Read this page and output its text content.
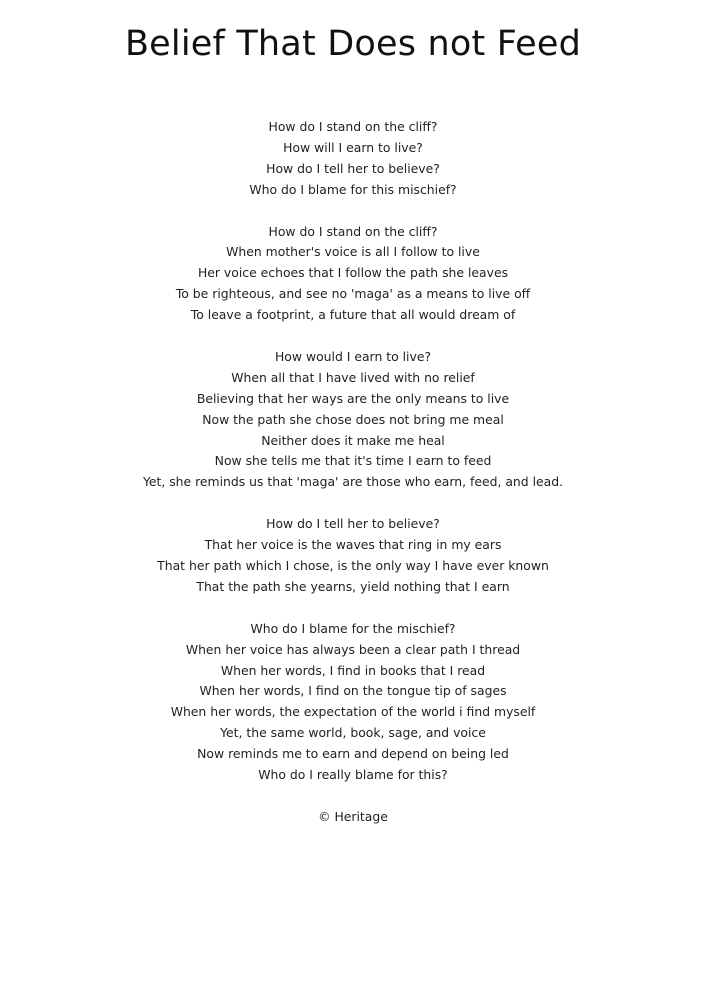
Belief That Does not Feed
How do I stand on the cliff?
How will I earn to live?
How do I tell her to believe?
Who do I blame for this mischief?
How do I stand on the cliff?
When mother's voice is all I follow to live
Her voice echoes that I follow the path she leaves
To be righteous, and see no 'maga' as a means to live off
To leave a footprint, a future that all would dream of
How would I earn to live?
When all that I have lived with no relief
Believing that her ways are the only means to live
Now the path she chose does not bring me meal
Neither does it make me heal
Now she tells me that it's time I earn to feed
Yet, she reminds us that 'maga' are those who earn, feed, and lead.
How do I tell her to believe?
That her voice is the waves that ring in my ears
That her path which I chose, is the only way I have ever known
That the path she yearns, yield nothing that I earn
Who do I blame for the mischief?
When her voice has always been a clear path I thread
When her words, I find in books that I read
When her words, I find on the tongue tip of sages
When her words, the expectation of the world i find myself
Yet, the same world, book, sage, and voice
Now reminds me to earn and depend on being led
Who do I really blame for this?
© Heritage
